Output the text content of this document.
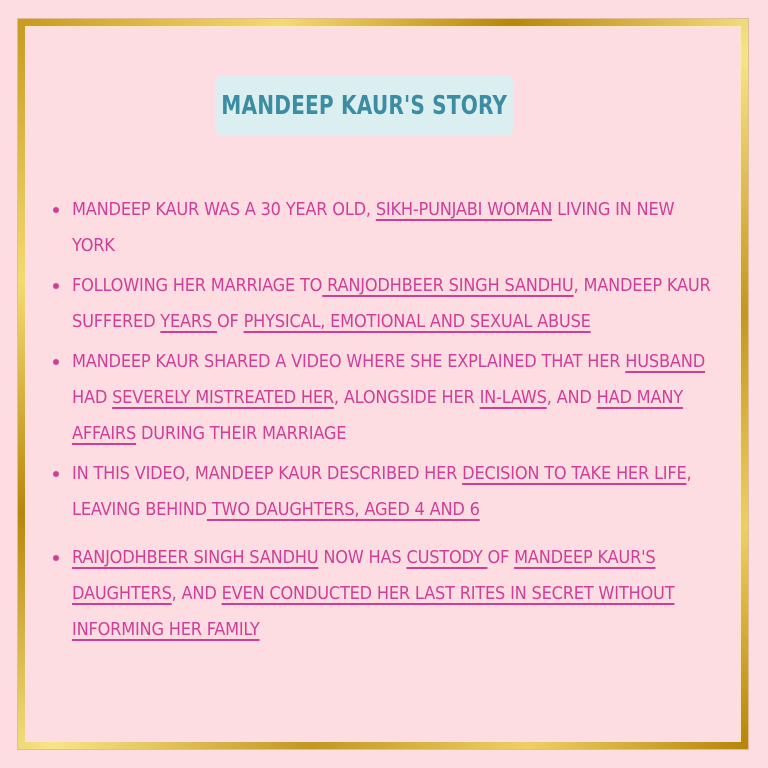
MANDEEP KAUR'S STORY
MANDEEP KAUR WAS A 30 YEAR OLD, SIKH-PUNJABI WOMAN LIVING IN NEW YORK
FOLLOWING HER MARRIAGE TO RANJODHBEER SINGH SANDHU, MANDEEP KAUR SUFFERED YEARS OF PHYSICAL, EMOTIONAL AND SEXUAL ABUSE
MANDEEP KAUR SHARED A VIDEO WHERE SHE EXPLAINED THAT HER HUSBAND HAD SEVERELY MISTREATED HER, ALONGSIDE HER IN-LAWS, AND HAD MANY AFFAIRS DURING THEIR MARRIAGE
IN THIS VIDEO, MANDEEP KAUR DESCRIBED HER DECISION TO TAKE HER LIFE, LEAVING BEHIND TWO DAUGHTERS, AGED 4 AND 6
RANJODHBEER SINGH SANDHU NOW HAS CUSTODY OF MANDEEP KAUR'S DAUGHTERS, AND EVEN CONDUCTED HER LAST RITES IN SECRET WITHOUT INFORMING HER FAMILY
